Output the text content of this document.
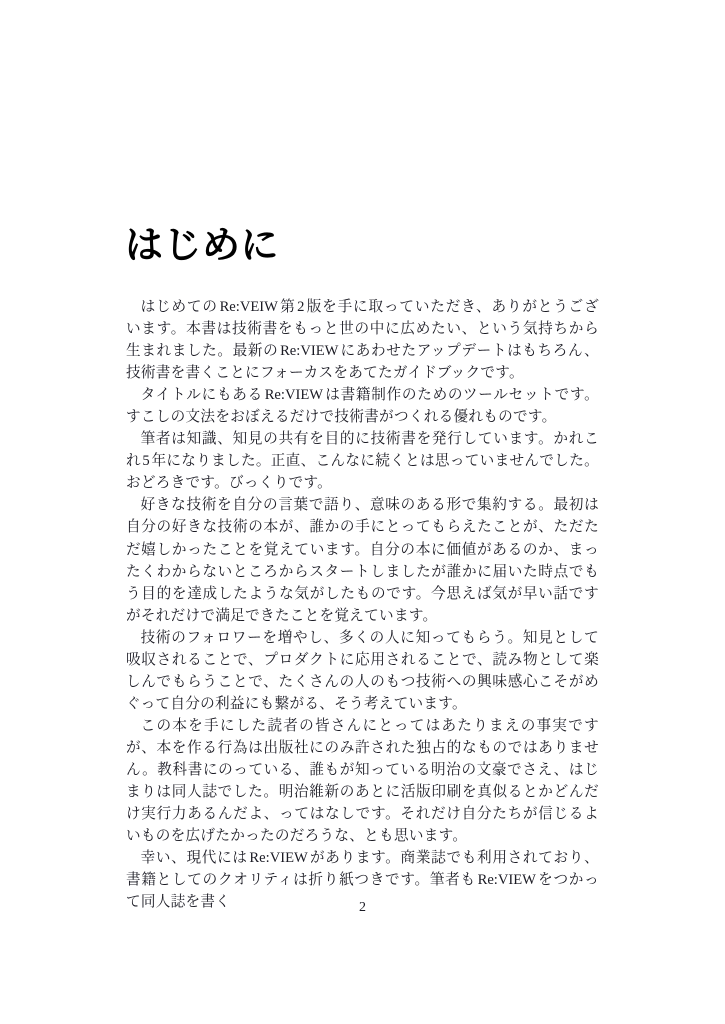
はじめに

はじめての Re:VEIW 第2版を手に取っていただき、ありがとうございます。本書は技術書をもっと世の中に広めたい、という気持ちから生まれました。最新の Re:VIEW にあわせたアップデートはもちろん、技術書を書くことにフォーカスをあてたガイドブックです。

タイトルにもある Re:VIEW は書籍制作のためのツールセットです。すこしの文法をおぼえるだけで技術書がつくれる優れものです。

筆者は知識、知見の共有を目的に技術書を発行しています。かれこれ5年になりました。正直、こんなに続くとは思っていませんでした。おどろきです。びっくりです。

好きな技術を自分の言葉で語り、意味のある形で集約する。最初は自分の好きな技術の本が、誰かの手にとってもらえたことが、ただただ嬉しかったことを覚えています。自分の本に価値があるのか、まったくわからないところからスタートしましたが誰かに届いた時点でもう目的を達成したような気がしたものです。今思えば気が早い話ですがそれだけで満足できたことを覚えています。

技術のフォロワーを増やし、多くの人に知ってもらう。知見として吸収されることで、プロダクトに応用されることで、読み物として楽しんでもらうことで、たくさんの人のもつ技術への興味感心こそがめぐって自分の利益にも繋がる、そう考えています。

この本を手にした読者の皆さんにとってはあたりまえの事実ですが、本を作る行為は出版社にのみ許された独占的なものではありません。教科書にのっている、誰もが知っている明治の文豪でさえ、はじまりは同人誌でした。明治維新のあとに活版印刷を真似るとかどんだけ実行力あるんだよ、ってはなしです。それだけ自分たちが信じるよいものを広げたかったのだろうな、とも思います。

幸い、現代には Re:VIEW があります。商業誌でも利用されており、書籍としてのクオリティは折り紙つきです。筆者も Re:VIEW をつかって同人誌を書く	2
